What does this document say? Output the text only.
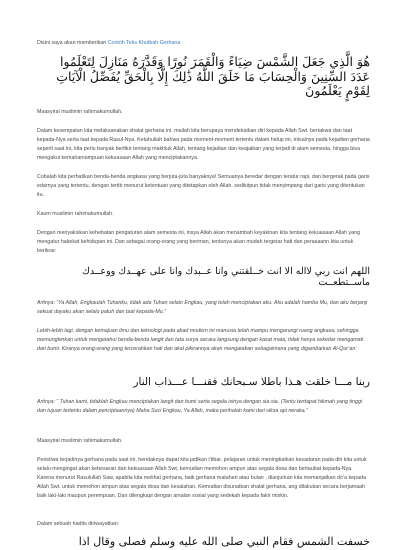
Disini saya akan memberikan Contoh Teks Khutbah Gerhana

هُوَ الَّذِي جَعَلَ الشَّمْسَ ضِيَاءً وَالْقَمَرَ نُورًا وَقَدَّرَهُ مَنَازِلَ لِتَعْلَمُوا عَدَدَ السِّنِينَ وَالْحِسَابَ مَا خَلَقَ اللَّهُ ذَٰلِكَ إِلَّا بِالْحَقِّ يُفَصِّلُ الْآيَاتِ لِقَوْمٍ يَعْلَمُونَ

Maasyiral muslimin rahimakumullah.

Dalam kesempatan kita melaksanakan shalat gerhana ini, mailah kita berupaya mendekatkan diri kepada Allah Swt. bertakwa dan taat kepada-Nya serta taat kepada Rasul-Nya. Ketahuilah bahwa pada moment-moment tertentu dalam hidup ini, misalnya pada kejadian gerhana seperti saat ini, kita perlu banyak berfikir tentang makhluk Allah, tentang kejadian dan keajaiban yang terjadi di alam semesta, hingga bisa mengakui kemahamampuan kekuasaan Allah yang menciptakannya.

Cobalah kita perhatikan benda-benda angkasa yang berjuta-juta banyaknya! Semuanya beredar dengan teratur rapi, dan bergerak pada garis edarnya yang tertentu, dengan tertib menurut ketentuan yang ditetapkan oleh Allah. sedikitpun tidak menyimpang dari garis yang ditentukan itu.

Kaum muslimin rahimakumullah.

Dengan menyaksikan kehebatan pengaturan alam semesta ini, insya Allah akan menambah keyakinan kita tentang kekuasaan Allah yang mengatur hakekat kehidupan ini. Dan sebagai orang-orang yang beriman, tentunya akan mudah tergetar hati dan perasaann kita untuk berikrar:

اللهم انت ربي لااله الا انت خــلقتني وانا عــبدك وانا على عهــدك ووعــدك ماســتطعــت

Artinya: “Ya Allah, Engkaulah Tuhanku, tidak ada Tuhan selain Engkau, yang telah menciptakan aku. Aku adalah hamba Mu, dan aku berjanji sekuat dayaku akan selalu patuh dan taat kepada-Mu.”

Lebih-lebih lagi, dengan kemajuan ilmu dan teknologi pada abad modern ini manusia telah mampu mengarungi ruang angkasa, sehingga memungkinkan untuk mengetahui benda-benda langit dan tata surya secara langsung dengan kasat mata, tidak hanya sekedar mengamati dari bumi. Kiranya orang-orang yang tercerahkan hati dan akal pikirannya akan mengatakan sebagaimana yang digambarkan Al-Qur’an:

ربنا مـــا خلقت هـذا باطلا سـبحانك فقنـــا عـــذاب النار

Artinya: “ Tuhan kami, tidaklah Engkau menciptakan langit dan bumi serta segala isinya dengan sia-sia. (Tentu terdapat hikmah yang tinggi dan tujuan tertentu dalam penciptaannya) Maha Suci Engkau, Ya Allah, maka perihalah kami dari siksa api neraka.”

Maasyiral muslimin rahimakumullah.

Peristiwa terjadinya gerhana pada saat ini, hendaknya dapat kita jadikan i’tibar, pelajaran untuk meningkatkan kesadaran pada diri kita untuk selalu mengingat akan kebesaran dan kekuasaan Allah Swt, kemudian memohon ampun atas segala dosa dan bertaubat kepada-Nya. Karena menurut Rasulullah Saw, apabila kita melihat gerhana, baik gerhana matahari atau bulan , dianjurkan kita memanjatkan do’a kepada Allah Swt. untuk memohon ampun atas segala dosa dan kesalahan. Kemudian disunatkan shalat gerhana, ang dilakukan secara berjamaah baik laki-laki maupun perempuan. Dan dilengkapi dengan amalan sosial yang sedekah kepada fakir miskin.

Dalam sebuah hadits diriwayatkan:

خسفت الشمس فقام النبي صلى الله عليه وسلم فصلى وقال اذا
